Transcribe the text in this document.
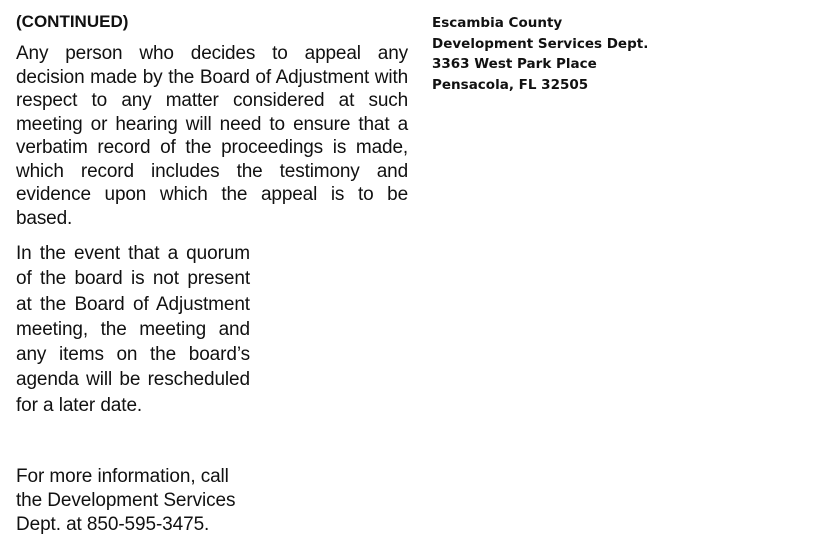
(CONTINUED)

Any person who decides to appeal any decision made by the Board of Adjustment with respect to any matter considered at such meeting or hearing will need to ensure that a verbatim record of the proceedings is made, which record includes the testimony and evidence upon which the appeal is to be based.

In the event that a quorum of the board is not present at the Board of Adjustment meeting, the meeting and any items on the board’s agenda will be rescheduled for a later date.

For more information, call the Development Services Dept. at 850-595-3475.

Escambia County
Development Services Dept.
3363 West Park Place
Pensacola, FL 32505
